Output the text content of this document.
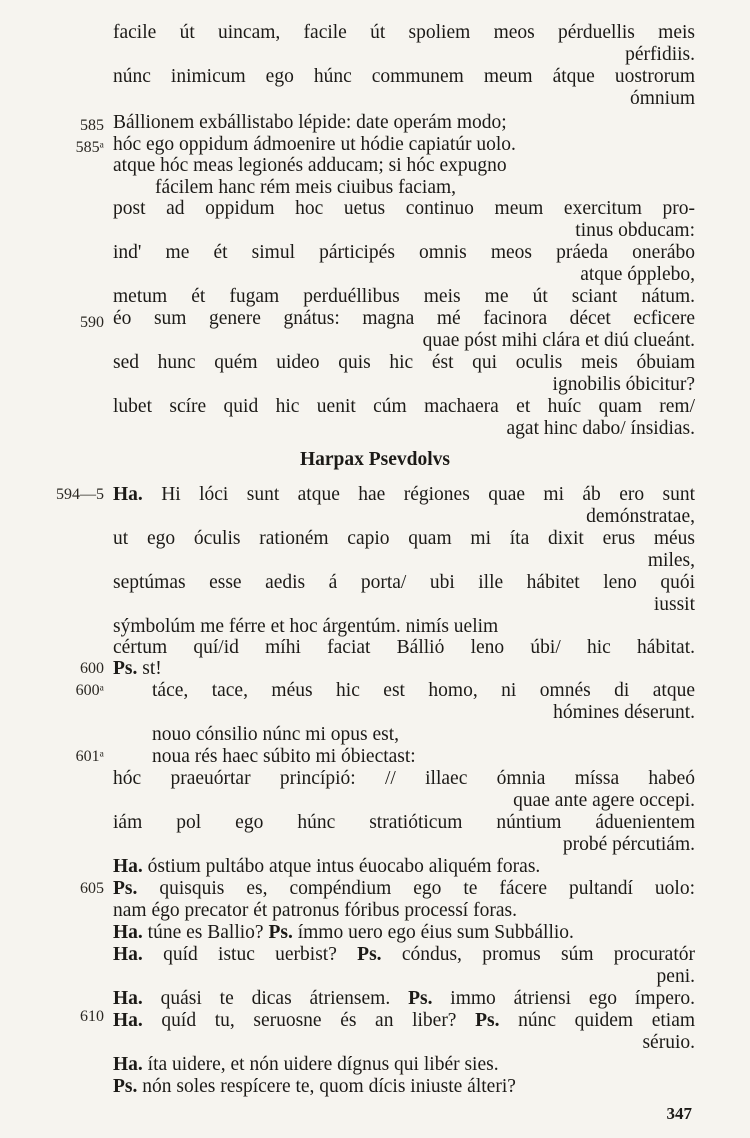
Harpax Psevdolvs
facile út uincam, facile út spoliem meos pérduellis meis
pérfidiis.
núnc inimicum ego húnc communem meum átque uostrorum
ómnium
Bállionem exbállistabo lépide: date operám modo;
hóc ego oppidum ádmoenire ut hódie capiatúr uolo.
atque hóc meas legionés adducam; si hóc expugno
fácilem hanc rém meis ciuibus faciam,
post ad oppidum hoc uetus continuo meum exercitum pro-
tinus obducam:
ind' me ét simul párticipés omnis meos práeda onerábo
atque ópplebo,
metum ét fugam perduéllibus meis me út sciant nátum.
éo sum genere gnátus: magna mé facinora décet ecficere
quae póst mihi clára et diú clueánt.
sed hunc quém uideo quis hic ést qui oculis meis óbuiam
ignobilis óbicitur?
lubet scíre quid hic uenit cúm machaera et huíc quam rem/
agat hinc dabo/ ínsidias.
Ha. Hi lóci sunt atque hae régiones quae mi áb ero sunt
demónstratae,
ut ego óculis rationém capio quam mi íta dixit erus méus
miles,
septúmas esse aedis á porta/ ubi ille hábitet leno quói
iussit
sýmbolúm me férre et hoc árgentúm. nimís uelim
cértum quí/id míhi faciat Bálliό leno úbi/ hic hábitat.
Ps. st!
táce, tace, méus hic est homo, ni omnés di atque
hómines déserunt.
nouo cónsilio núnc mi opus est,
noua rés haec súbito mi óbiectast:
hóc praeuórtar princípió: // illaec ómnia míssa habeó
quae ante agere occepi.
iám pol ego húnc stratióticum núntium áduenientem
probé pércutiám.
Ha. óstium pultábo atque intus éuocabo aliquém foras.
Ps. quisquis es, compéndium ego te fácere pultandí uolo:
nam égo precator ét patronus fóribus processí foras.
Ha. túne es Ballio? Ps. ímmo uero ego éius sum Subbállio.
Ha. quíd istuc uerbist? Ps. cóndus, promus súm procuratór
peni.
Ha. quási te dicas átriensem. Ps. immo átriensi ego ímpero.
Ha. quíd tu, seruosne és an liber? Ps. núnc quidem etiam
séruio.
Ha. íta uidere, et nón uidere dígnus qui libér sies.
Ps. nón soles respícere te, quom dícis iniuste álteri?
585
585ᵃ
590
594—5
600
600ᵃ
601ᵃ
605
610
347
